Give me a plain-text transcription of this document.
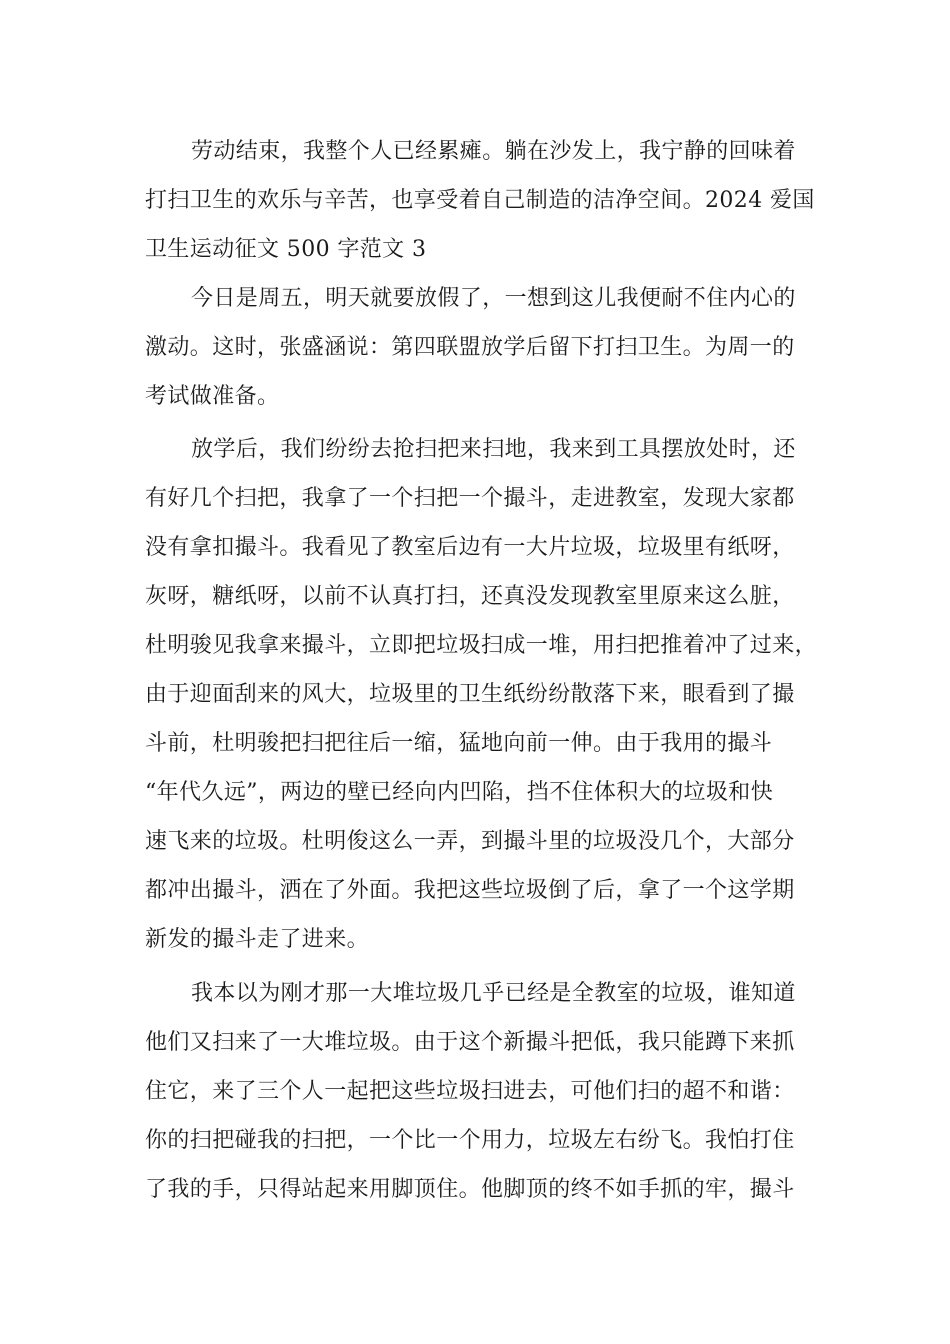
劳动结束，我整个人已经累瘫。躺在沙发上，我宁静的回味着

打扫卫生的欢乐与辛苦，也享受着自己制造的洁净空间。2024 爱国

卫生运动征文 500 字范文 3

今日是周五，明天就要放假了，一想到这儿我便耐不住内心的

激动。这时，张盛涵说：第四联盟放学后留下打扫卫生。为周一的

考试做准备。

放学后，我们纷纷去抢扫把来扫地，我来到工具摆放处时，还

有好几个扫把，我拿了一个扫把一个撮斗，走进教室，发现大家都

没有拿扣撮斗。我看见了教室后边有一大片垃圾，垃圾里有纸呀，

灰呀，糖纸呀，以前不认真打扫，还真没发现教室里原来这么脏，

杜明骏见我拿来撮斗，立即把垃圾扫成一堆，用扫把推着冲了过来，

由于迎面刮来的风大，垃圾里的卫生纸纷纷散落下来，眼看到了撮

斗前，杜明骏把扫把往后一缩，猛地向前一伸。由于我用的撮斗

“年代久远”，两边的壁已经向内凹陷，挡不住体积大的垃圾和快

速飞来的垃圾。杜明俊这么一弄，到撮斗里的垃圾没几个，大部分

都冲出撮斗，洒在了外面。我把这些垃圾倒了后，拿了一个这学期

新发的撮斗走了进来。

我本以为刚才那一大堆垃圾几乎已经是全教室的垃圾，谁知道

他们又扫来了一大堆垃圾。由于这个新撮斗把低，我只能蹲下来抓

住它，来了三个人一起把这些垃圾扫进去，可他们扫的超不和谐：

你的扫把碰我的扫把，一个比一个用力，垃圾左右纷飞。我怕打住

了我的手，只得站起来用脚顶住。他脚顶的终不如手抓的牢，撮斗
